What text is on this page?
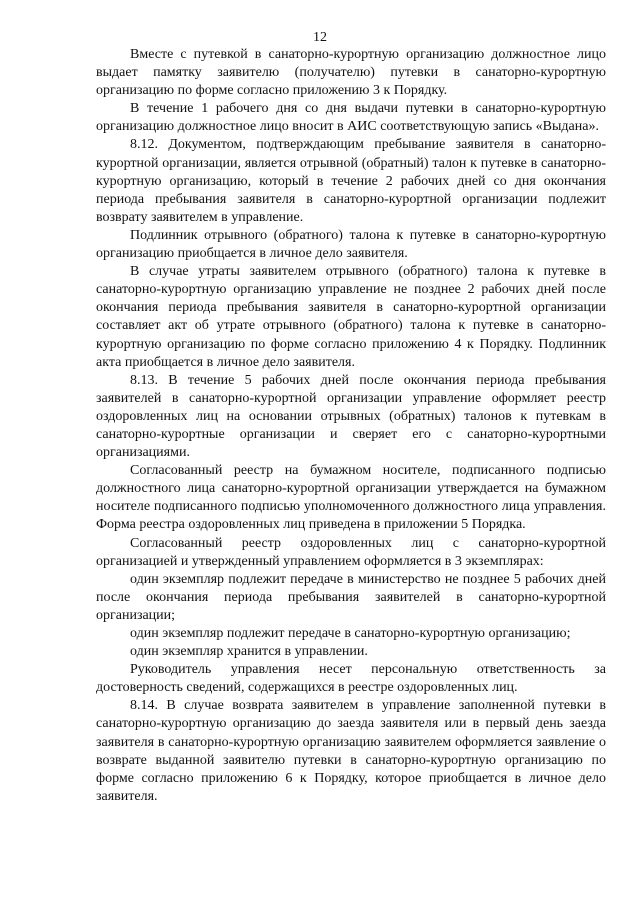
12

Вместе с путевкой в санаторно-курортную организацию должностное лицо выдает памятку заявителю (получателю) путевки в санаторно-курортную организацию по форме согласно приложению 3 к Порядку.

В течение 1 рабочего дня со дня выдачи путевки в санаторно-курортную организацию должностное лицо вносит в АИС соответствующую запись «Выдана».

8.12. Документом, подтверждающим пребывание заявителя в санаторно-курортной организации, является отрывной (обратный) талон к путевке в санаторно-курортную организацию, который в течение 2 рабочих дней со дня окончания периода пребывания заявителя в санаторно-курортной организации подлежит возврату заявителем в управление.

Подлинник отрывного (обратного) талона к путевке в санаторно-курортную организацию приобщается в личное дело заявителя.

В случае утраты заявителем отрывного (обратного) талона к путевке в санаторно-курортную организацию управление не позднее 2 рабочих дней после окончания периода пребывания заявителя в санаторно-курортной организации составляет акт об утрате отрывного (обратного) талона к путевке в санаторно-курортную организацию по форме согласно приложению 4 к Порядку. Подлинник акта приобщается в личное дело заявителя.

8.13. В течение 5 рабочих дней после окончания периода пребывания заявителей в санаторно-курортной организации управление оформляет реестр оздоровленных лиц на основании отрывных (обратных) талонов к путевкам в санаторно-курортные организации и сверяет его с санаторно-курортными организациями.

Согласованный реестр на бумажном носителе, подписанного подписью должностного лица санаторно-курортной организации утверждается на бумажном носителе подписанного подписью уполномоченного должностного лица управления. Форма реестра оздоровленных лиц приведена в приложении 5 Порядка.

Согласованный реестр оздоровленных лиц с санаторно-курортной организацией и утвержденный управлением оформляется в 3 экземплярах:

один экземпляр подлежит передаче в министерство не позднее 5 рабочих дней после окончания периода пребывания заявителей в санаторно-курортной организации;

один экземпляр подлежит передаче в санаторно-курортную организацию;

один экземпляр хранится в управлении.

Руководитель управления несет персональную ответственность за достоверность сведений, содержащихся в реестре оздоровленных лиц.

8.14. В случае возврата заявителем в управление заполненной путевки в санаторно-курортную организацию до заезда заявителя или в первый день заезда заявителя в санаторно-курортную организацию заявителем оформляется заявление о возврате выданной заявителю путевки в санаторно-курортную организацию по форме согласно приложению 6 к Порядку, которое приобщается в личное дело заявителя.
